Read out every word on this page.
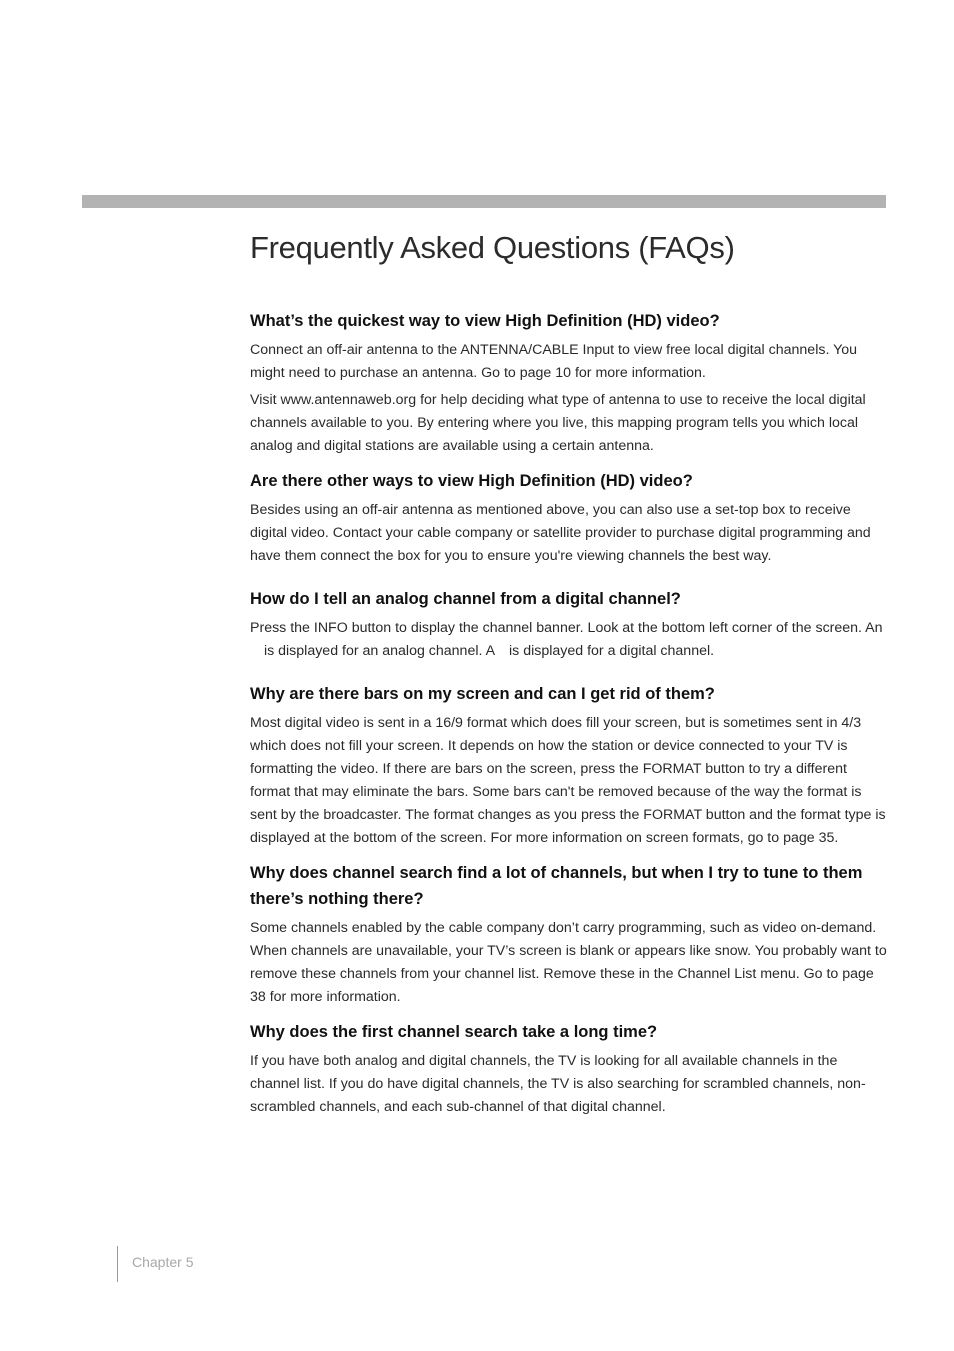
Frequently Asked Questions (FAQs)

What’s the quickest way to view High Definition (HD) video?

Connect an off-air antenna to the ANTENNA/CABLE Input to view free local digital channels. You might need to purchase an antenna. Go to page 10 for more information.

Visit www.antennaweb.org for help deciding what type of antenna to use to receive the local digital channels available to you. By entering where you live, this mapping program tells you which local analog and digital stations are available using a certain antenna.

Are there other ways to view High Definition (HD) video?

Besides using an off-air antenna as mentioned above, you can also use a set-top box to receive digital video. Contact your cable company or satellite provider to purchase digital programming and have them connect the box for you to ensure you're viewing channels the best way.

How do I tell an analog channel from a digital channel?

Press the INFO button to display the channel banner. Look at the bottom left corner of the screen. An is displayed for an analog channel. A is displayed for a digital channel.

Why are there bars on my screen and can I get rid of them?

Most digital video is sent in a 16/9 format which does fill your screen, but is sometimes sent in 4/3 which does not fill your screen. It depends on how the station or device connected to your TV is formatting the video. If there are bars on the screen, press the FORMAT button to try a different format that may eliminate the bars. Some bars can't be removed because of the way the format is sent by the broadcaster. The format changes as you press the FORMAT button and the format type is displayed at the bottom of the screen. For more information on screen formats, go to page 35.

Why does channel search find a lot of channels, but when I try to tune to them there’s nothing there?

Some channels enabled by the cable company don’t carry programming, such as video on-demand. When channels are unavailable, your TV’s screen is blank or appears like snow. You probably want to remove these channels from your channel list. Remove these in the Channel List menu. Go to page 38 for more information.

Why does the first channel search take a long time?

If you have both analog and digital channels, the TV is looking for all available channels in the channel list. If you do have digital channels, the TV is also searching for scrambled channels, non-scrambled channels, and each sub-channel of that digital channel.

Chapter 5
